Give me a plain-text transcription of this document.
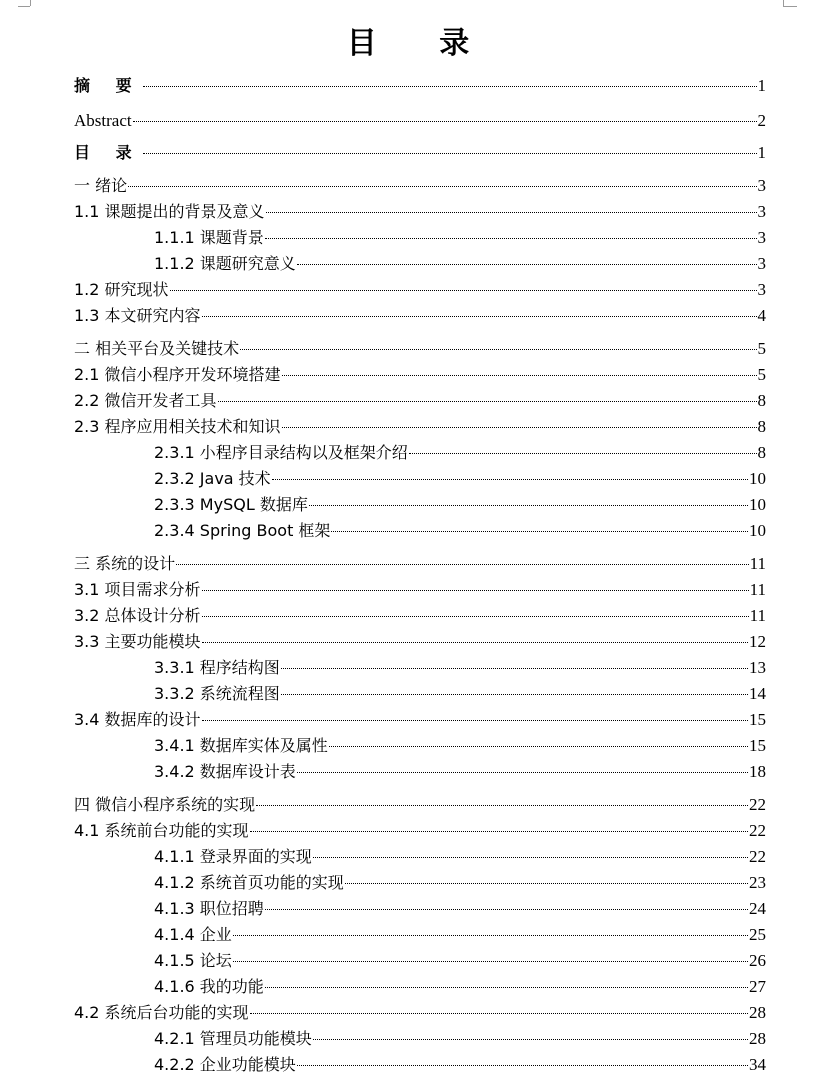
目 录
摘 要	1
Abstract	2
目 录	1
一 绪论	3
1.1 课题提出的背景及意义	3
1.1.1 课题背景	3
1.1.2 课题研究意义	3
1.2 研究现状	3
1.3 本文研究内容	4
二 相关平台及关键技术	5
2.1 微信小程序开发环境搭建	5
2.2 微信开发者工具	8
2.3 程序应用相关技术和知识	8
2.3.1 小程序目录结构以及框架介绍	8
2.3.2 Java 技术	10
2.3.3 MySQL 数据库	10
2.3.4 Spring Boot 框架	10
三 系统的设计	11
3.1 项目需求分析	11
3.2 总体设计分析	11
3.3 主要功能模块	12
3.3.1 程序结构图	13
3.3.2 系统流程图	14
3.4 数据库的设计	15
3.4.1 数据库实体及属性	15
3.4.2 数据库设计表	18
四 微信小程序系统的实现	22
4.1 系统前台功能的实现	22
4.1.1 登录界面的实现	22
4.1.2 系统首页功能的实现	23
4.1.3 职位招聘	24
4.1.4 企业	25
4.1.5 论坛	26
4.1.6 我的功能	27
4.2 系统后台功能的实现	28
4.2.1 管理员功能模块	28
4.2.2 企业功能模块	34
